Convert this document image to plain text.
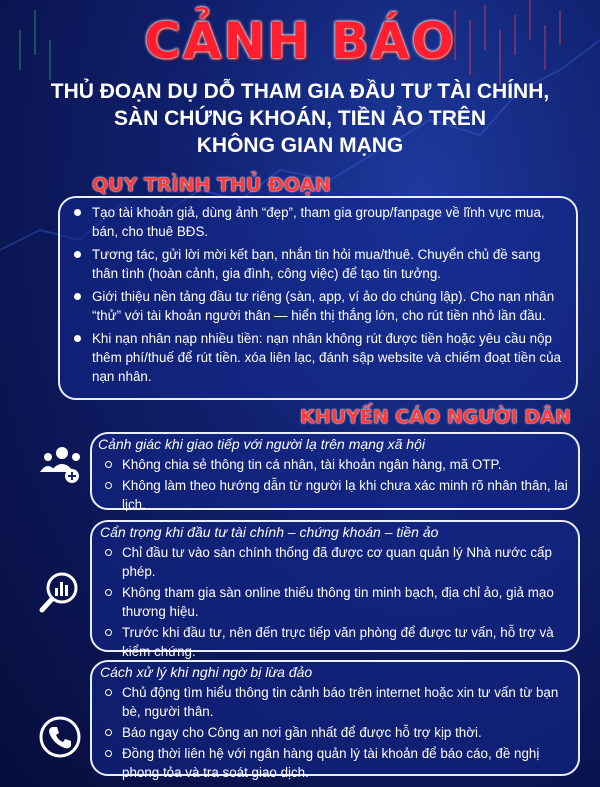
CẢNH BÁO
THỦ ĐOẠN DỤ DỖ THAM GIA ĐẦU TƯ TÀI CHÍNH,
SÀN CHỨNG KHOÁN, TIỀN ẢO TRÊN
KHÔNG GIAN MẠNG
QUY TRÌNH THỦ ĐOẠN
Tạo tài khoản giả, dùng ảnh “đẹp”, tham gia group/fanpage về lĩnh vực mua, bán, cho thuê BĐS.
Tương tác, gửi lời mời kết bạn, nhắn tin hỏi mua/thuê. Chuyển chủ đề sang thân tình (hoàn cảnh, gia đình, công việc) để tạo tin tưởng.
Giới thiệu nền tảng đầu tư riêng (sàn, app, ví ảo do chúng lập). Cho nạn nhân “thử” với tài khoản người thân — hiển thị thắng lớn, cho rút tiền nhỏ lần đầu.
Khi nạn nhân nạp nhiều tiền: nạn nhân không rút được tiền hoặc yêu cầu nộp thêm phí/thuế để rút tiền. xóa liên lạc, đánh sập website và chiếm đoạt tiền của nạn nhân.
KHUYẾN CÁO NGƯỜI DÂN
Cảnh giác khi giao tiếp với người lạ trên mạng xã hội
Không chia sẻ thông tin cá nhân, tài khoản ngân hàng, mã OTP.
Không làm theo hướng dẫn từ người lạ khi chưa xác minh rõ nhân thân, lai lịch.
Cẩn trọng khi đầu tư tài chính – chứng khoán – tiền ảo
Chỉ đầu tư vào sàn chính thống đã được cơ quan quản lý Nhà nước cấp phép.
Không tham gia sàn online thiếu thông tin minh bạch, địa chỉ ảo, giả mạo thương hiệu.
Trước khi đầu tư, nên đến trực tiếp văn phòng để được tư vấn, hỗ trợ và kiểm chứng.
Cách xử lý khi nghi ngờ bị lừa đảo
Chủ động tìm hiểu thông tin cảnh báo trên internet hoặc xin tư vấn từ bạn bè, người thân.
Báo ngay cho Công an nơi gần nhất để được hỗ trợ kịp thời.
Đồng thời liên hệ với ngân hàng quản lý tài khoản để báo cáo, đề nghị phong tỏa và tra soát giao dịch.
